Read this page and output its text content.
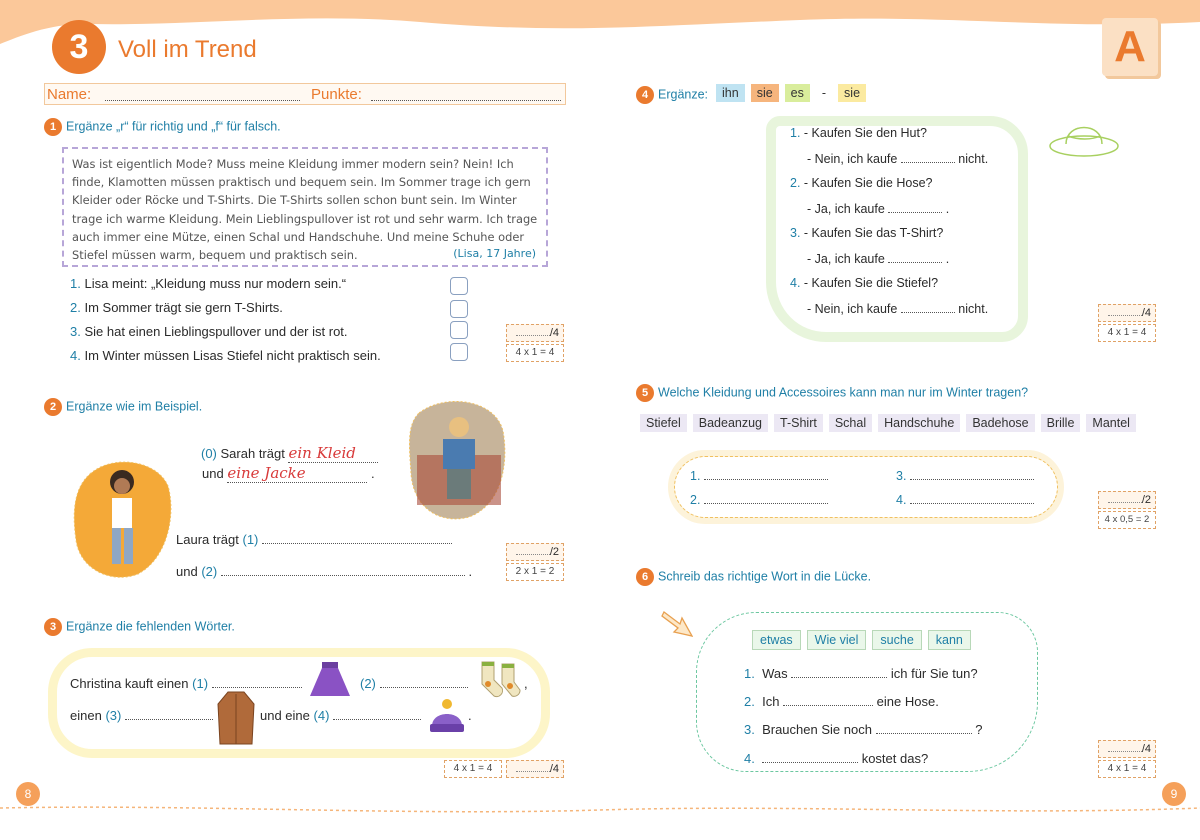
3	Voll im Trend	A
Name:	Punkte:
1 Ergänze „r“ für richtig und „f“ für falsch.
Was ist eigentlich Mode? Muss meine Kleidung immer modern sein? Nein! Ich finde, Klamotten müssen praktisch und bequem sein. Im Sommer trage ich gern Kleider oder Röcke und T-Shirts. Die T-Shirts sollen schon bunt sein. Im Winter trage ich warme Kleidung. Mein Lieblingspullover ist rot und sehr warm. Ich trage auch immer eine Mütze, einen Schal und Handschuhe. Und meine Schuhe oder Stiefel müssen warm, bequem und praktisch sein.	(Lisa, 17 Jahre)
1. Lisa meint: „Kleidung muss nur modern sein.“
2. Im Sommer trägt sie gern T-Shirts.
3. Sie hat einen Lieblingspullover und der ist rot.
4. Im Winter müssen Lisas Stiefel nicht praktisch sein.
/4
4 x 1 = 4
2 Ergänze wie im Beispiel.
(0) Sarah trägt ein Kleid
und eine Jacke	.
Laura trägt (1)
und (2)	.
/2
2 x 1 = 2
3 Ergänze die fehlenden Wörter.
Christina kauft einen (1)	(2)	,
einen (3)	und eine (4)	.
4 x 1 = 4	/4
4 Ergänze:	ihn sie es - sie
1. - Kaufen Sie den Hut?
- Nein, ich kaufe	nicht.
2. - Kaufen Sie die Hose?
- Ja, ich kaufe	.
3. - Kaufen Sie das T-Shirt?
- Ja, ich kaufe	.
4. - Kaufen Sie die Stiefel?
- Nein, ich kaufe	nicht.	/4
4 x 1 = 4
5 Welche Kleidung und Accessoires kann man nur im Winter tragen?
Stiefel Badeanzug T-Shirt Schal Handschuhe Badehose Brille Mantel
1.	3.
2.	4.	/2
4 x 0,5 = 2
6 Schreib das richtige Wort in die Lücke.
etwas Wie viel suche kann
1. Was	ich für Sie tun?
2. Ich	eine Hose.
3. Brauchen Sie noch	?
4.	kostet das?
/4
4 x 1 = 4
8	9
